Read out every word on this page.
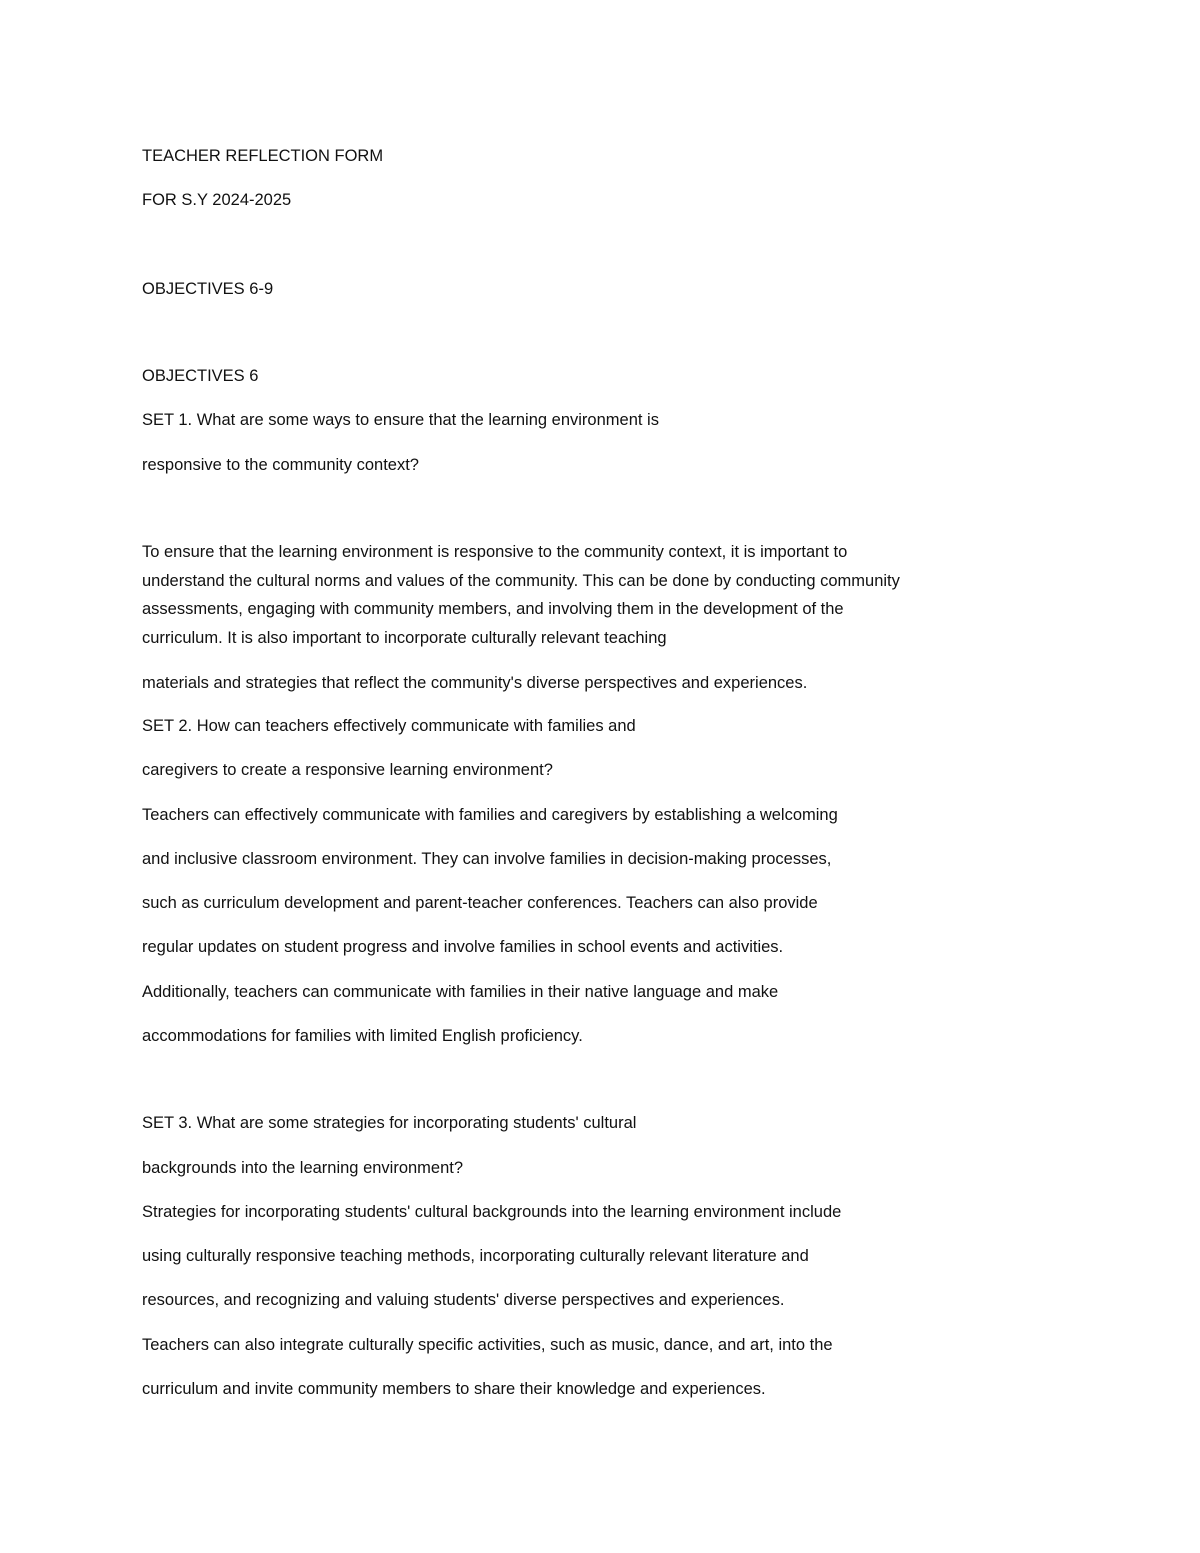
TEACHER REFLECTION FORM

FOR S.Y 2024-2025

OBJECTIVES 6-9

OBJECTIVES 6

SET 1. What are some ways to ensure that the learning environment is

responsive to the community context?

To ensure that the learning environment is responsive to the community context, it is important to

understand the cultural norms and values of the community. This can be done by conducting community

assessments, engaging with community members, and involving them in the development of the

curriculum. It is also important to incorporate culturally relevant teaching

materials and strategies that reflect the community's diverse perspectives and experiences.

SET 2. How can teachers effectively communicate with families and

caregivers to create a responsive learning environment?

Teachers can effectively communicate with families and caregivers by establishing a welcoming

and inclusive classroom environment. They can involve families in decision-making processes,

such as curriculum development and parent-teacher conferences. Teachers can also provide

regular updates on student progress and involve families in school events and activities.

Additionally, teachers can communicate with families in their native language and make

accommodations for families with limited English proficiency.

SET 3. What are some strategies for incorporating students' cultural

backgrounds into the learning environment?

Strategies for incorporating students' cultural backgrounds into the learning environment include

using culturally responsive teaching methods, incorporating culturally relevant literature and

resources, and recognizing and valuing students' diverse perspectives and experiences.

Teachers can also integrate culturally specific activities, such as music, dance, and art, into the

curriculum and invite community members to share their knowledge and experiences.
